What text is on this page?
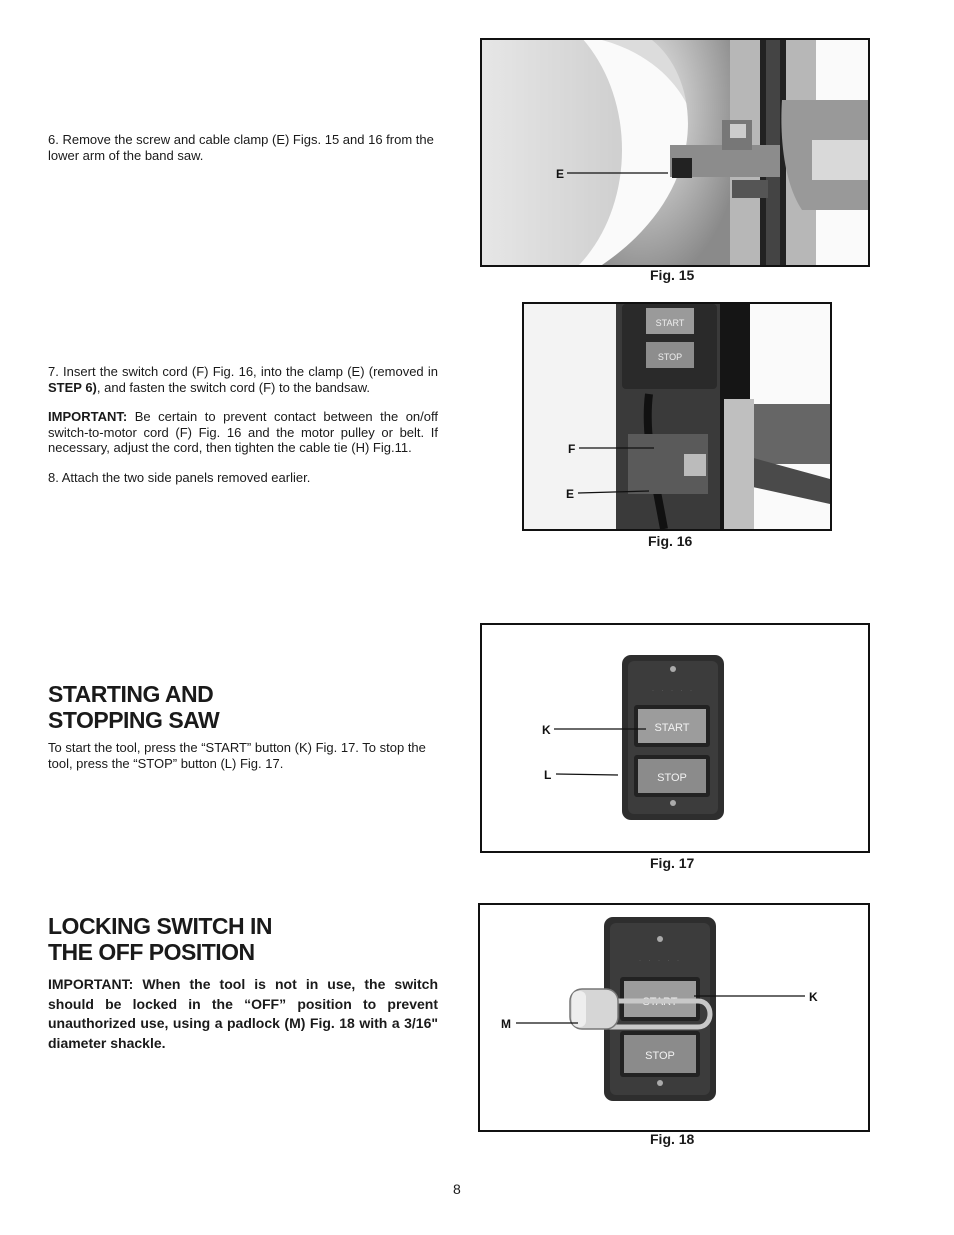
6. Remove the screw and cable clamp (E) Figs. 15 and 16 from the lower arm of the band saw.

7. Insert the switch cord (F) Fig. 16, into the clamp (E) (removed in STEP 6), and fasten the switch cord (F) to the bandsaw.

IMPORTANT: Be certain to prevent contact between the on/off switch-to-motor cord (F) Fig. 16 and the motor pulley or belt. If necessary, adjust the cord, then tighten the cable tie (H) Fig.11.

8. Attach the two side panels removed earlier.

STARTING AND
STOPPING SAW
To start the tool, press the “START” button (K) Fig. 17. To stop the tool, press the “STOP” button (L) Fig. 17.
LOCKING SWITCH IN
THE OFF POSITION
IMPORTANT: When the tool is not in use, the switch should be locked in the “OFF” position to prevent unauthorized use, using a padlock (M) Fig. 18 with a 3/16" diameter shackle.
E
Fig. 15
START
STOP
F
E
Fig. 16
· · · · ·
START
STOP
K
L
Fig. 17
· · · · ·
START
STOP
M
K
Fig. 18
8
